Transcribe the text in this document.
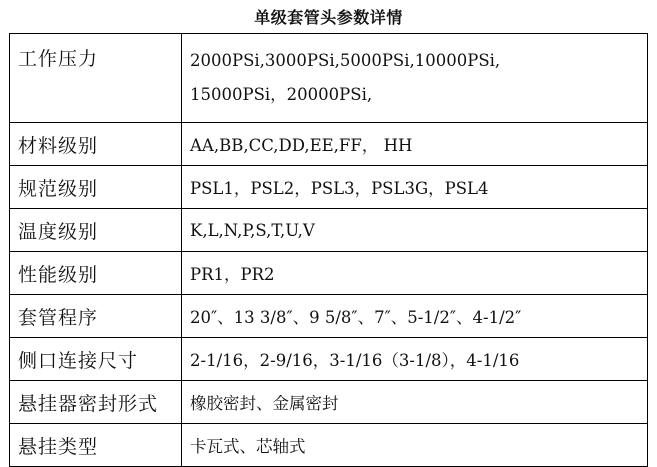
单级套管头参数详情
工作压力	2000PSi,3000PSi,5000PSi,10000PSi,
15000PSi，20000PSi,

材料级别	AA,BB,CC,DD,EE,FF， HH
规范级别	PSL1，PSL2，PSL3，PSL3G，PSL4
温度级别	K,L,N,P,S,T,U,V
性能级别	PR1，PR2
套管程序	20″、13 3/8″、9 5/8″、7″、5-1/2″、4-1/2″
侧口连接尺寸	2-1/16，2-9/16，3-1/16（3-1/8），4-1/16
悬挂器密封形式	橡胶密封、金属密封
悬挂类型	卡瓦式、芯轴式
